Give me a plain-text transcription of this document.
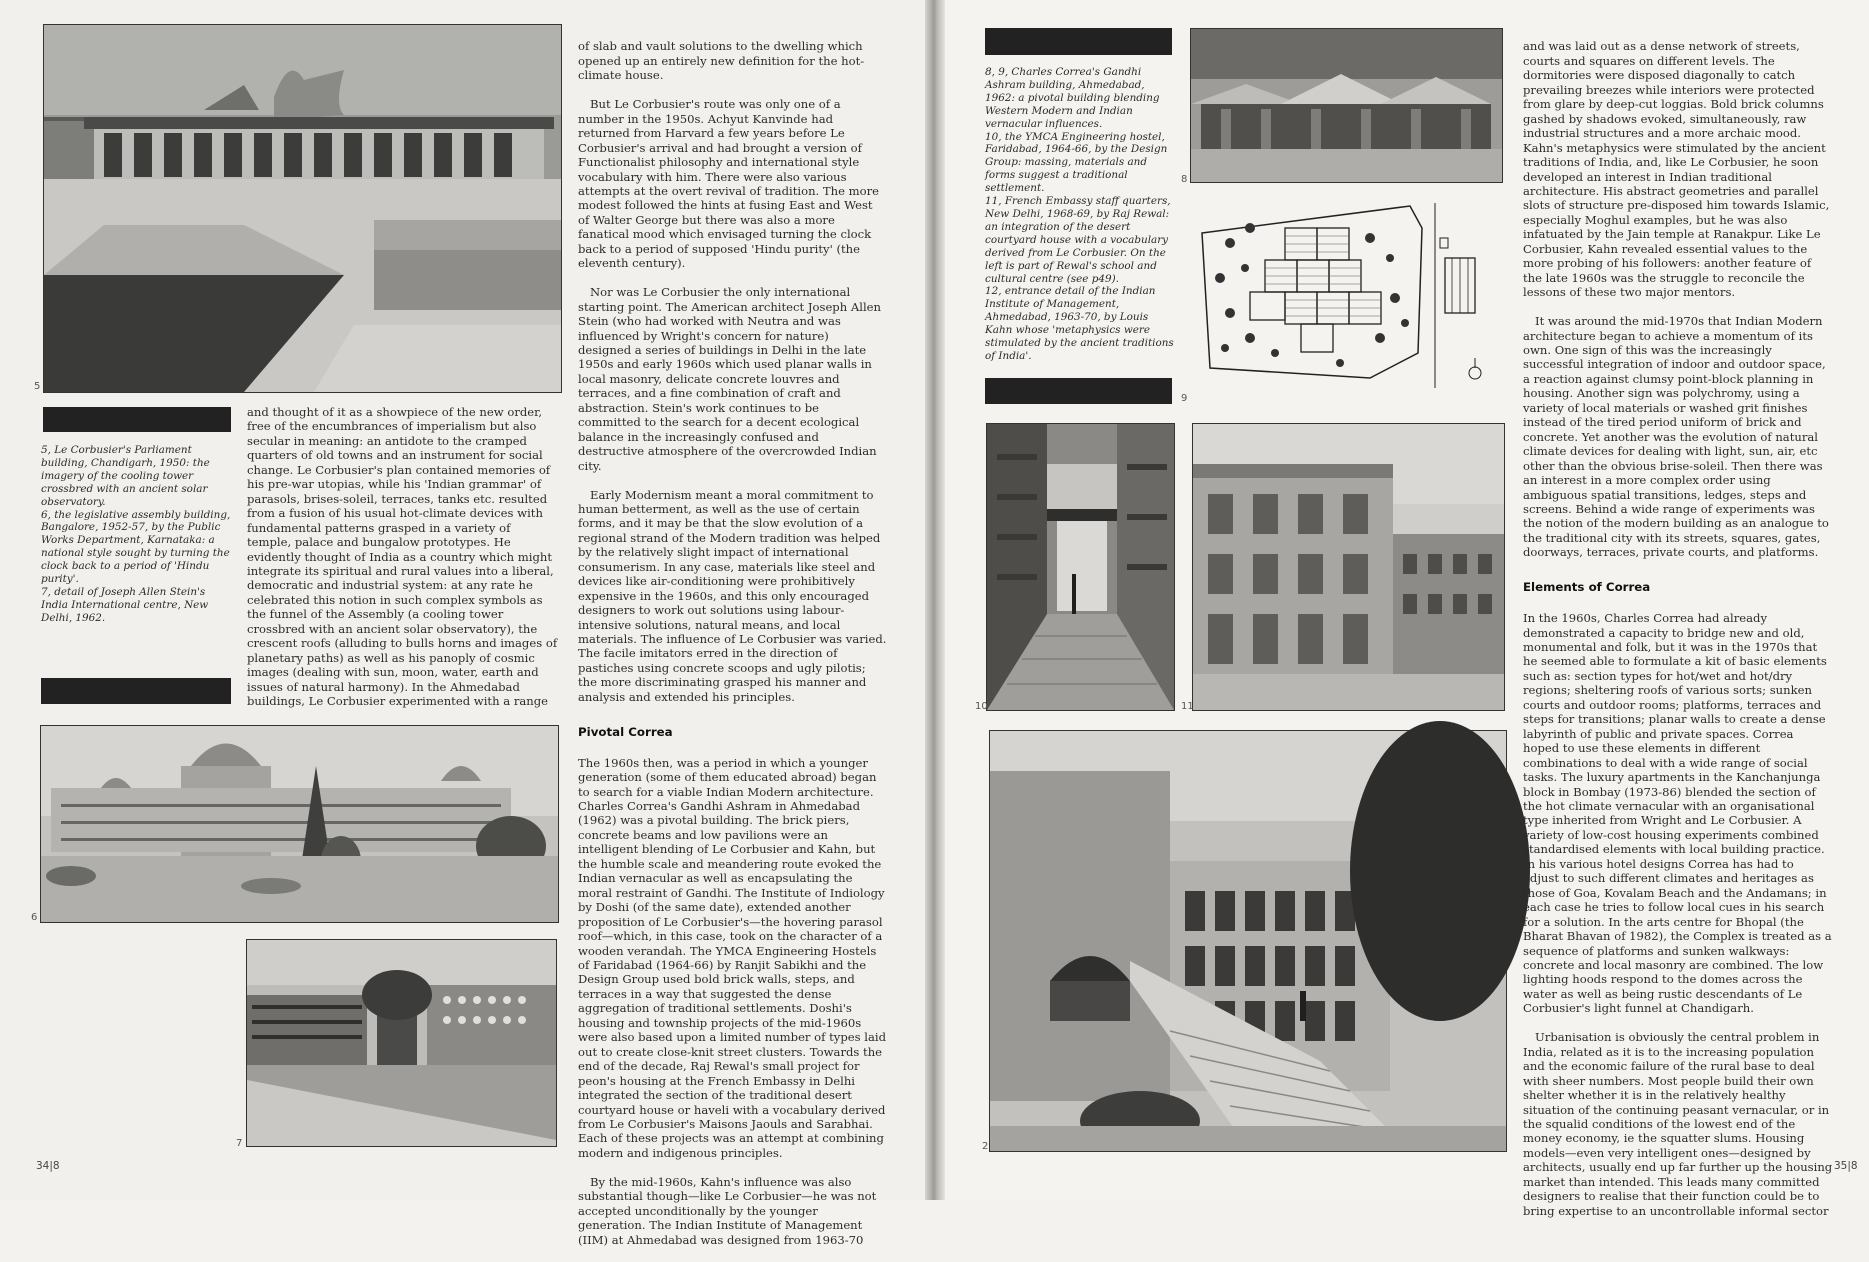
5
5, Le Corbusier's Parliament
building, Chandigarh, 1950: the
imagery of the cooling tower
crossbred with an ancient solar
observatory.
6, the legislative assembly building,
Bangalore, 1952-57, by the Public
Works Department, Karnataka: a
national style sought by turning the
clock back to a period of 'Hindu
purity'.
7, detail of Joseph Allen Stein's
India International centre, New
Delhi, 1962.
and thought of it as a showpiece of the new order,
free of the encumbrances of imperialism but also
secular in meaning: an antidote to the cramped
quarters of old towns and an instrument for social
change. Le Corbusier's plan contained memories of
his pre-war utopias, while his 'Indian grammar' of
parasols, brises-soleil, terraces, tanks etc. resulted
from a fusion of his usual hot-climate devices with
fundamental patterns grasped in a variety of
temple, palace and bungalow prototypes. He
evidently thought of India as a country which might
integrate its spiritual and rural values into a liberal,
democratic and industrial system: at any rate he
celebrated this notion in such complex symbols as
the funnel of the Assembly (a cooling tower
crossbred with an ancient solar observatory), the
crescent roofs (alluding to bulls horns and images of
planetary paths) as well as his panoply of cosmic
images (dealing with sun, moon, water, earth and
issues of natural harmony). In the Ahmedabad
buildings, Le Corbusier experimented with a range
6
7

of slab and vault solutions to the dwelling which
opened up an entirely new definition for the hot-
climate house.

But Le Corbusier's route was only one of a
number in the 1950s. Achyut Kanvinde had
returned from Harvard a few years before Le
Corbusier's arrival and had brought a version of
Functionalist philosophy and international style
vocabulary with him. There were also various
attempts at the overt revival of tradition. The more
modest followed the hints at fusing East and West
of Walter George but there was also a more
fanatical mood which envisaged turning the clock
back to a period of supposed 'Hindu purity' (the
eleventh century).

Nor was Le Corbusier the only international
starting point. The American architect Joseph Allen
Stein (who had worked with Neutra and was
influenced by Wright's concern for nature)
designed a series of buildings in Delhi in the late
1950s and early 1960s which used planar walls in
local masonry, delicate concrete louvres and
terraces, and a fine combination of craft and
abstraction. Stein's work continues to be
committed to the search for a decent ecological
balance in the increasingly confused and
destructive atmosphere of the overcrowded Indian
city.

Early Modernism meant a moral commitment to
human betterment, as well as the use of certain
forms, and it may be that the slow evolution of a
regional strand of the Modern tradition was helped
by the relatively slight impact of international
consumerism. In any case, materials like steel and
devices like air-conditioning were prohibitively
expensive in the 1960s, and this only encouraged
designers to work out solutions using labour-
intensive solutions, natural means, and local
materials. The influence of Le Corbusier was varied.
The facile imitators erred in the direction of
pastiches using concrete scoops and ugly pilotis;
the more discriminating grasped his manner and
analysis and extended his principles.

Pivotal Correa

The 1960s then, was a period in which a younger
generation (some of them educated abroad) began
to search for a viable Indian Modern architecture.
Charles Correa's Gandhi Ashram in Ahmedabad
(1962) was a pivotal building. The brick piers,
concrete beams and low pavilions were an
intelligent blending of Le Corbusier and Kahn, but
the humble scale and meandering route evoked the
Indian vernacular as well as encapsulating the
moral restraint of Gandhi. The Institute of Indiology
by Doshi (of the same date), extended another
proposition of Le Corbusier's—the hovering parasol
roof—which, in this case, took on the character of a
wooden verandah. The YMCA Engineering Hostels
of Faridabad (1964-66) by Ranjit Sabikhi and the
Design Group used bold brick walls, steps, and
terraces in a way that suggested the dense
aggregation of traditional settlements. Doshi's
housing and township projects of the mid-1960s
were also based upon a limited number of types laid
out to create close-knit street clusters. Towards the
end of the decade, Raj Rewal's small project for
peon's housing at the French Embassy in Delhi
integrated the section of the traditional desert
courtyard house or haveli with a vocabulary derived
from Le Corbusier's Maisons Jaouls and Sarabhai.
Each of these projects was an attempt at combining
modern and indigenous principles.

By the mid-1960s, Kahn's influence was also
substantial though—like Le Corbusier—he was not
accepted unconditionally by the younger
generation. The Indian Institute of Management
(IIM) at Ahmedabad was designed from 1963-70

34|8
8, 9, Charles Correa's Gandhi
Ashram building, Ahmedabad,
1962: a pivotal building blending
Western Modern and Indian
vernacular influences.
10, the YMCA Engineering hostel,
Faridabad, 1964-66, by the Design
Group: massing, materials and
forms suggest a traditional
settlement.
11, French Embassy staff quarters,
New Delhi, 1968-69, by Raj Rewal:
an integration of the desert
courtyard house with a vocabulary
derived from Le Corbusier. On the
left is part of Rewal's school and
cultural centre (see p49).
12, entrance detail of the Indian
Institute of Management,
Ahmedabad, 1963-70, by Louis
Kahn whose 'metaphysics were
stimulated by the ancient traditions
of India'.
8
9
10	11
2

and was laid out as a dense network of streets,
courts and squares on different levels. The
dormitories were disposed diagonally to catch
prevailing breezes while interiors were protected
from glare by deep-cut loggias. Bold brick columns
gashed by shadows evoked, simultaneously, raw
industrial structures and a more archaic mood.
Kahn's metaphysics were stimulated by the ancient
traditions of India, and, like Le Corbusier, he soon
developed an interest in Indian traditional
architecture. His abstract geometries and parallel
slots of structure pre-disposed him towards Islamic,
especially Moghul examples, but he was also
infatuated by the Jain temple at Ranakpur. Like Le
Corbusier, Kahn revealed essential values to the
more probing of his followers: another feature of
the late 1960s was the struggle to reconcile the
lessons of these two major mentors.

It was around the mid-1970s that Indian Modern
architecture began to achieve a momentum of its
own. One sign of this was the increasingly
successful integration of indoor and outdoor space,
a reaction against clumsy point-block planning in
housing. Another sign was polychromy, using a
variety of local materials or washed grit finishes
instead of the tired period uniform of brick and
concrete. Yet another was the evolution of natural
climate devices for dealing with light, sun, air, etc
other than the obvious brise-soleil. Then there was
an interest in a more complex order using
ambiguous spatial transitions, ledges, steps and
screens. Behind a wide range of experiments was
the notion of the modern building as an analogue to
the traditional city with its streets, squares, gates,
doorways, terraces, private courts, and platforms.

Elements of Correa

In the 1960s, Charles Correa had already
demonstrated a capacity to bridge new and old,
monumental and folk, but it was in the 1970s that
he seemed able to formulate a kit of basic elements
such as: section types for hot/wet and hot/dry
regions; sheltering roofs of various sorts; sunken
courts and outdoor rooms; platforms, terraces and
steps for transitions; planar walls to create a dense
labyrinth of public and private spaces. Correa
hoped to use these elements in different
combinations to deal with a wide range of social
tasks. The luxury apartments in the Kanchanjunga
block in Bombay (1973-86) blended the section of
the hot climate vernacular with an organisational
type inherited from Wright and Le Corbusier. A
variety of low-cost housing experiments combined
standardised elements with local building practice.
In his various hotel designs Correa has had to
adjust to such different climates and heritages as
those of Goa, Kovalam Beach and the Andamans; in
each case he tries to follow local cues in his search
for a solution. In the arts centre for Bhopal (the
Bharat Bhavan of 1982), the Complex is treated as a
sequence of platforms and sunken walkways:
concrete and local masonry are combined. The low
lighting hoods respond to the domes across the
water as well as being rustic descendants of Le
Corbusier's light funnel at Chandigarh.

Urbanisation is obviously the central problem in
India, related as it is to the increasing population
and the economic failure of the rural base to deal
with sheer numbers. Most people build their own
shelter whether it is in the relatively healthy
situation of the continuing peasant vernacular, or in
the squalid conditions of the lowest end of the
money economy, ie the squatter slums. Housing
models—even very intelligent ones—designed by
architects, usually end up far further up the housing
market than intended. This leads many committed
designers to realise that their function could be to
bring expertise to an uncontrollable informal sector

35|8
